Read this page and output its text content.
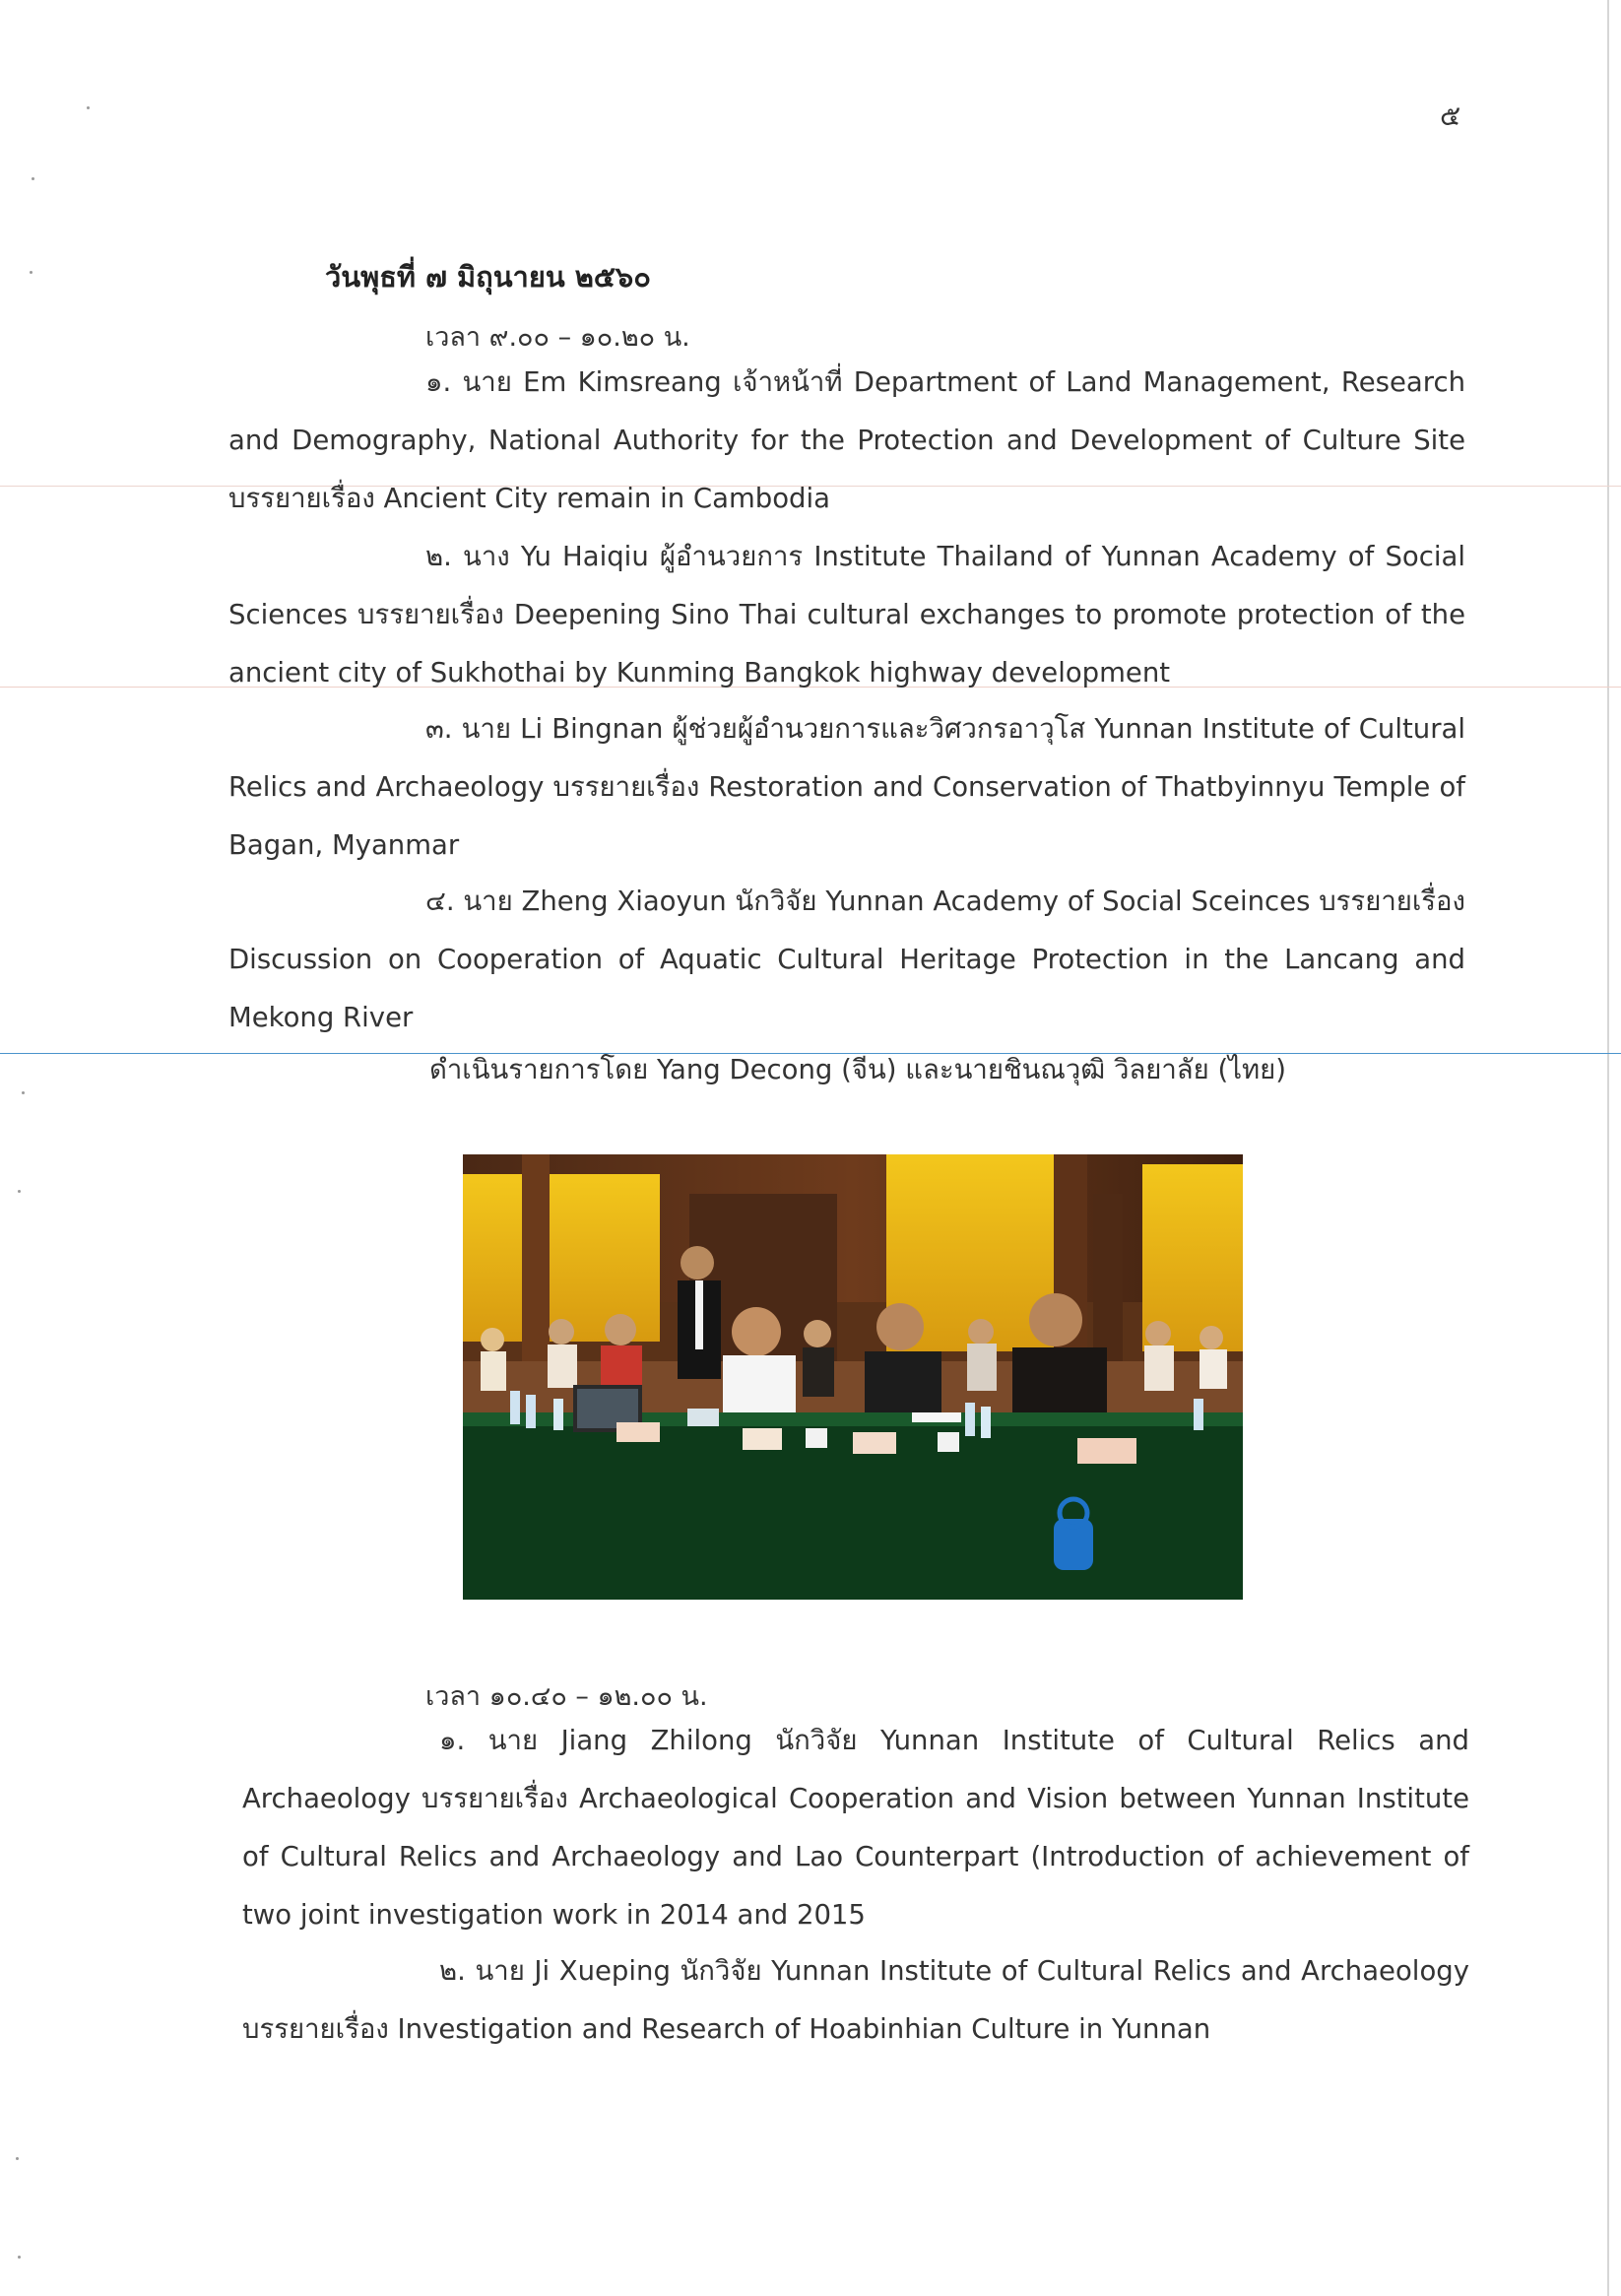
๕
วันพุธที่ ๗ มิถุนายน ๒๕๖๐
เวลา ๙.๐๐ – ๑๐.๒๐ น.

๑. นาย Em Kimsreang เจ้าหน้าที่ Department of Land Management, Research and Demography, National Authority for the Protection and Development of Culture Site บรรยายเรื่อง Ancient City remain in Cambodia

๒. นาง Yu Haiqiu ผู้อำนวยการ Institute Thailand of Yunnan Academy of Social Sciences บรรยายเรื่อง Deepening Sino Thai cultural exchanges to promote protection of the ancient city of Sukhothai by Kunming Bangkok highway development

๓. นาย Li Bingnan ผู้ช่วยผู้อำนวยการและวิศวกรอาวุโส Yunnan Institute of Cultural Relics and Archaeology บรรยายเรื่อง Restoration and Conservation of Thatbyinnyu Temple of Bagan, Myanmar

๔. นาย Zheng Xiaoyun นักวิจัย Yunnan Academy of Social Sceinces บรรยายเรื่อง Discussion on Cooperation of Aquatic Cultural Heritage Protection in the Lancang and Mekong River

ดำเนินรายการโดย Yang Decong (จีน) และนายชินณวุฒิ วิลยาลัย (ไทย)
เวลา ๑๐.๔๐ – ๑๒.๐๐ น.

๑. นาย Jiang Zhilong นักวิจัย Yunnan Institute of Cultural Relics and Archaeology บรรยายเรื่อง Archaeological Cooperation and Vision between Yunnan Institute of Cultural Relics and Archaeology and Lao Counterpart (Introduction of achievement of two joint investigation work in 2014 and 2015

๒. นาย Ji Xueping นักวิจัย Yunnan Institute of Cultural Relics and Archaeology บรรยายเรื่อง Investigation and Research of Hoabinhian Culture in Yunnan
